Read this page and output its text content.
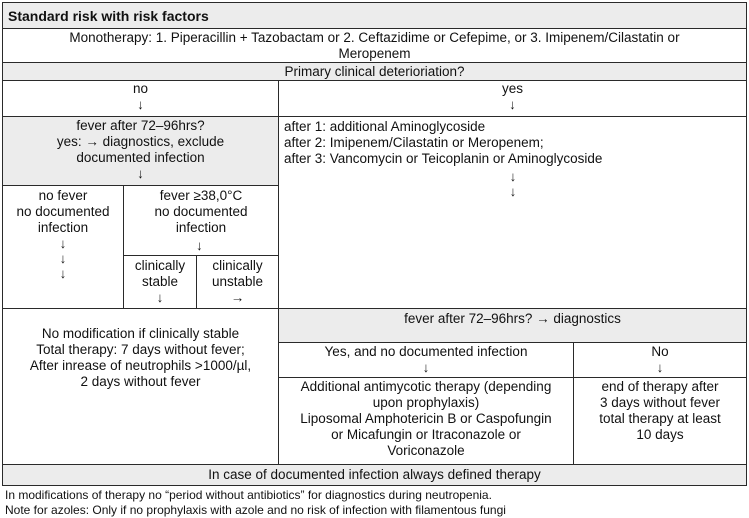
Standard risk with risk factors
Monotherapy: 1. Piperacillin + Tazobactam or 2. Ceftazidime or Cefepime, or 3. Imipenem/Cilastatin or
Meropenem
Primary clinical deterioriation?
no
↓
yes
↓
fever after 72–96hrs?
yes: → diagnostics, exclude
documented infection
↓
after 1: additional Aminoglycoside
after 2: Imipenem/Cilastatin or Meropenem;
after 3: Vancomycin or Teicoplanin or Aminoglycoside
↓
↓
no fever
no documented
infection
↓
↓
↓
fever ≥38,0°C
no documented
infection
↓
clinically
stable
↓
clinically
unstable
→
No modification if clinically stable
Total therapy: 7 days without fever;
After inrease of neutrophils >1000/µl,
2 days without fever
fever after 72–96hrs? → diagnostics
Yes, and no documented infection
↓
No
↓
Additional antimycotic therapy (depending
upon prophylaxis)
Liposomal Amphotericin B or Caspofungin
or Micafungin or Itraconazole or
Voriconazole
end of therapy after
3 days without fever
total therapy at least
10 days
In case of documented infection always defined therapy
In modifications of therapy no “period without antibiotics” for diagnostics during neutropenia.
Note for azoles: Only if no prophylaxis with azole and no risk of infection with filamentous fungi
